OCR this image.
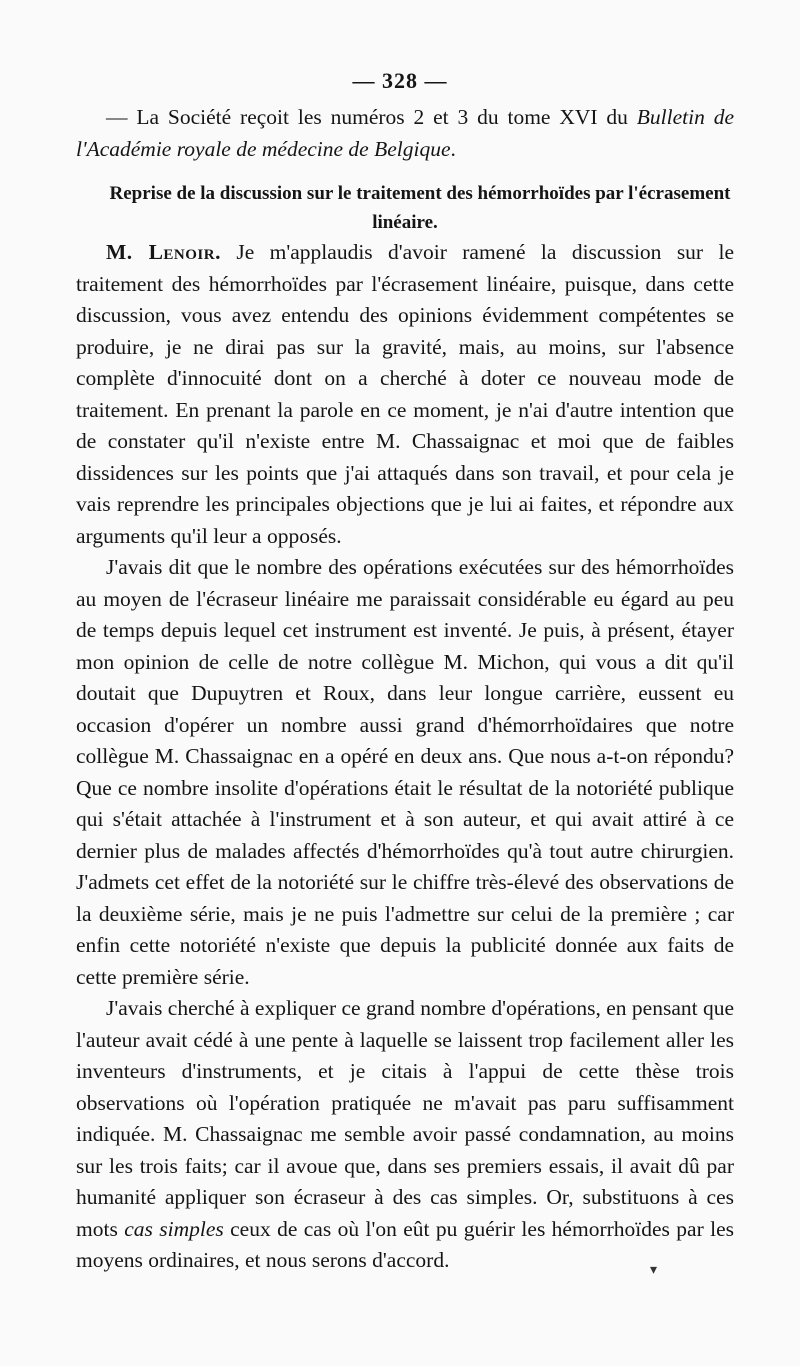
— 328 —

— La Société reçoit les numéros 2 et 3 du tome XVI du Bulletin de l'Académie royale de médecine de Belgique.

Reprise de la discussion sur le traitement des hémorrhoïdes par l'écrasement linéaire.

M. Lenoir. Je m'applaudis d'avoir ramené la discussion sur le traitement des hémorrhoïdes par l'écrasement linéaire, puisque, dans cette discussion, vous avez entendu des opinions évidemment compétentes se produire, je ne dirai pas sur la gravité, mais, au moins, sur l'absence complète d'innocuité dont on a cherché à doter ce nouveau mode de traitement. En prenant la parole en ce moment, je n'ai d'autre intention que de constater qu'il n'existe entre M. Chassaignac et moi que de faibles dissidences sur les points que j'ai attaqués dans son travail, et pour cela je vais reprendre les principales objections que je lui ai faites, et répondre aux arguments qu'il leur a opposés.

J'avais dit que le nombre des opérations exécutées sur des hémorrhoïdes au moyen de l'écraseur linéaire me paraissait considérable eu égard au peu de temps depuis lequel cet instrument est inventé. Je puis, à présent, étayer mon opinion de celle de notre collègue M. Michon, qui vous a dit qu'il doutait que Dupuytren et Roux, dans leur longue carrière, eussent eu occasion d'opérer un nombre aussi grand d'hémorrhoïdaires que notre collègue M. Chassaignac en a opéré en deux ans. Que nous a-t-on répondu? Que ce nombre insolite d'opérations était le résultat de la notoriété publique qui s'était attachée à l'instrument et à son auteur, et qui avait attiré à ce dernier plus de malades affectés d'hémorrhoïdes qu'à tout autre chirurgien. J'admets cet effet de la notoriété sur le chiffre très-élevé des observations de la deuxième série, mais je ne puis l'admettre sur celui de la première ; car enfin cette notoriété n'existe que depuis la publicité donnée aux faits de cette première série.

J'avais cherché à expliquer ce grand nombre d'opérations, en pensant que l'auteur avait cédé à une pente à laquelle se laissent trop facilement aller les inventeurs d'instruments, et je citais à l'appui de cette thèse trois observations où l'opération pratiquée ne m'avait pas paru suffisamment indiquée. M. Chassaignac me semble avoir passé condamnation, au moins sur les trois faits; car il avoue que, dans ses premiers essais, il avait dû par humanité appliquer son écraseur à des cas simples. Or, substituons à ces mots cas simples ceux de cas où l'on eût pu guérir les hémorrhoïdes par les moyens ordinaires, et nous serons d'accord.	▾
